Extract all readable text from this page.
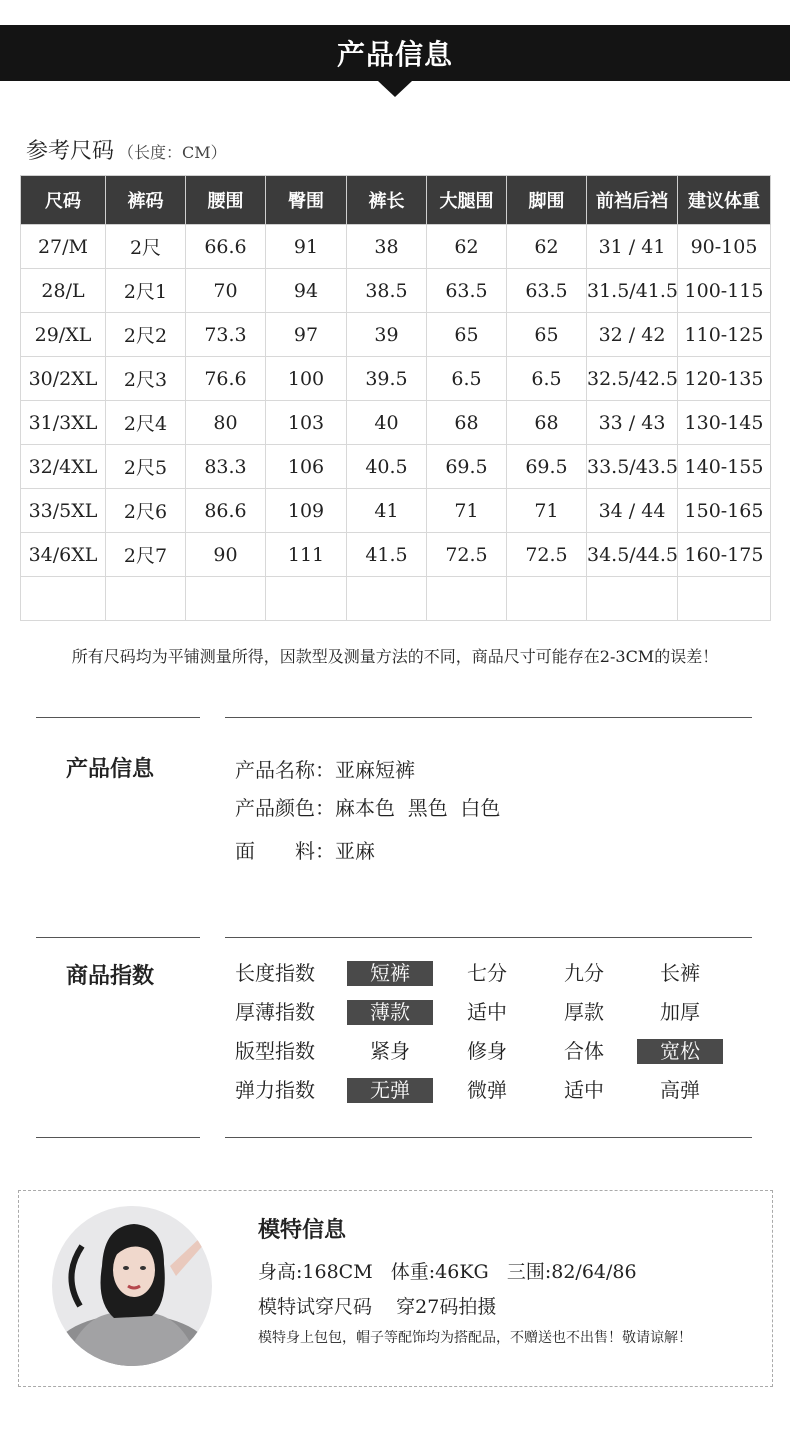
产品信息
参考尺码 （长度：CM）
尺码	裤码	腰围	臀围	裤长	大腿围	脚围	前裆后裆	建议体重
27/M	2尺	66.6	91	38	62	62	31 / 41	90-105
28/L	2尺1	70	94	38.5	63.5	63.5	31.5/41.5	100-115
29/XL	2尺2	73.3	97	39	65	65	32 / 42	110-125
30/2XL	2尺3	76.6	100	39.5	6.5	6.5	32.5/42.5	120-135
31/3XL	2尺4	80	103	40	68	68	33 / 43	130-145
32/4XL	2尺5	83.3	106	40.5	69.5	69.5	33.5/43.5	140-155
33/5XL	2尺6	86.6	109	41	71	71	34 / 44	150-165
34/6XL	2尺7	90	111	41.5	72.5	72.5	34.5/44.5	160-175

所有尺码均为平铺测量所得，因款型及测量方法的不同，商品尺寸可能存在2-3CM的误差！
产品信息	产品名称：亚麻短裤
产品颜色：麻本色  黑色  白色
面　　料：亚麻
商品指数	长度指数	短裤	七分	九分	长裤
厚薄指数	薄款	适中	厚款	加厚
版型指数	紧身	修身	合体	宽松
弹力指数	无弹	微弹	适中	高弹
模特信息
身高:168CM   体重:46KG   三围:82/64/86
模特试穿尺码    穿27码拍摄
模特身上包包，帽子等配饰均为搭配品，不赠送也不出售！敬请谅解！
